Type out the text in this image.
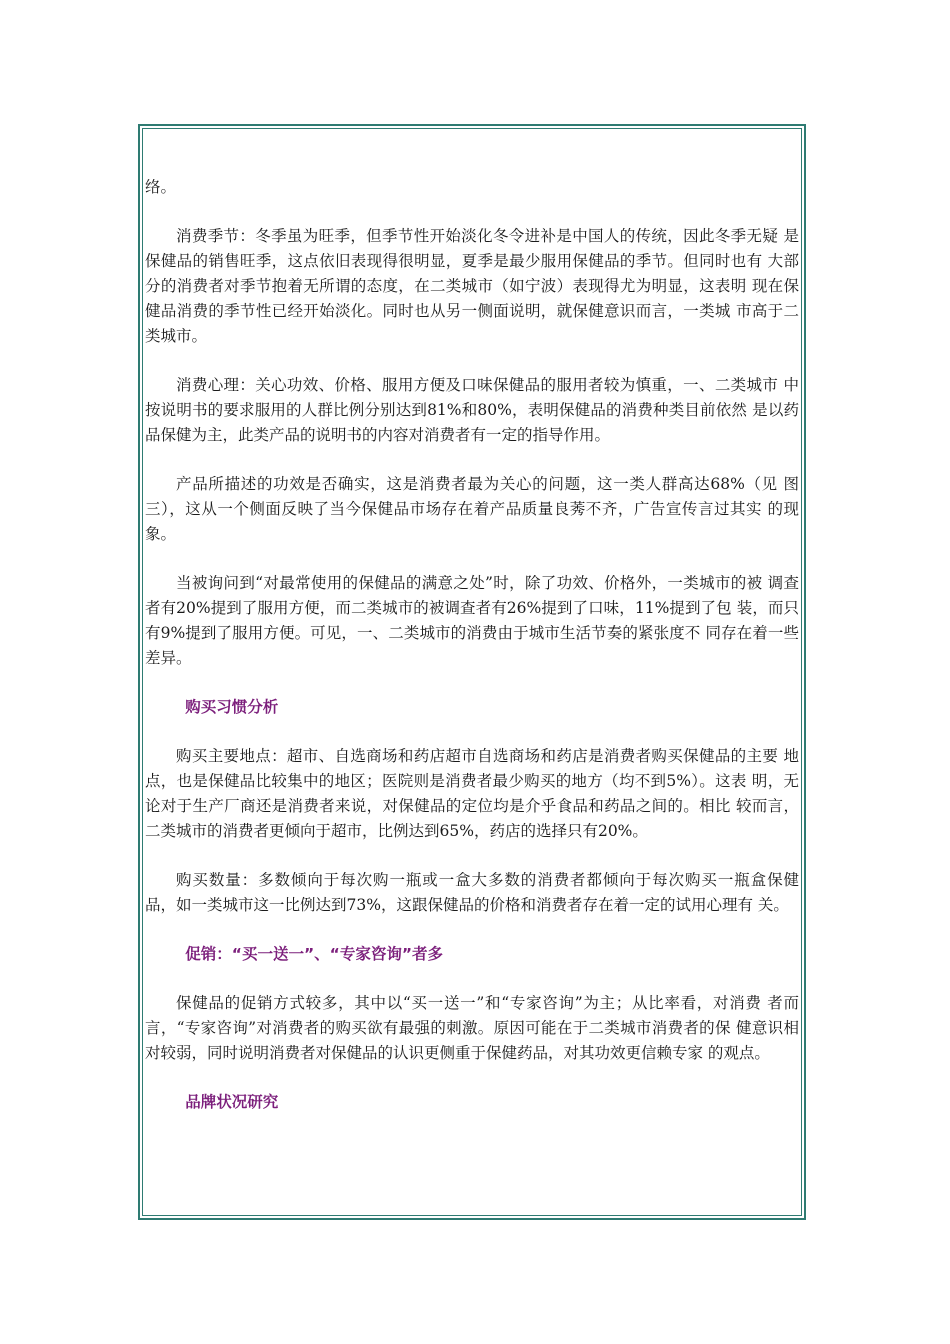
络。

消费季节：冬季虽为旺季，但季节性开始淡化冬令进补是中国人的传统，因此冬季无疑 是保健品的销售旺季，这点依旧表现得很明显，夏季是最少服用保健品的季节。但同时也有 大部分的消费者对季节抱着无所谓的态度，在二类城市（如宁波）表现得尤为明显，这表明 现在保健品消费的季节性已经开始淡化。同时也从另一侧面说明，就保健意识而言，一类城 市高于二类城市。

消费心理：关心功效、价格、服用方便及口味保健品的服用者较为慎重，一、二类城市 中按说明书的要求服用的人群比例分别达到81%和80%，表明保健品的消费种类目前依然 是以药品保健为主，此类产品的说明书的内容对消费者有一定的指导作用。

产品所描述的功效是否确实，这是消费者最为关心的问题，这一类人群高达68%（见 图三），这从一个侧面反映了当今保健品市场存在着产品质量良莠不齐，广告宣传言过其实 的现象。

当被询问到“对最常使用的保健品的满意之处”时，除了功效、价格外，一类城市的被 调查者有20%提到了服用方便，而二类城市的被调查者有26%提到了口味，11%提到了包 装，而只有9%提到了服用方便。可见，一、二类城市的消费由于城市生活节奏的紧张度不 同存在着一些差异。

购买习惯分析

购买主要地点：超市、自选商场和药店超市自选商场和药店是消费者购买保健品的主要 地点，也是保健品比较集中的地区；医院则是消费者最少购买的地方（均不到5%）。这表 明，无论对于生产厂商还是消费者来说，对保健品的定位均是介乎食品和药品之间的。相比 较而言，二类城市的消费者更倾向于超市，比例达到65%，药店的选择只有20%。

购买数量：多数倾向于每次购一瓶或一盒大多数的消费者都倾向于每次购买一瓶盒保健 品，如一类城市这一比例达到73%，这跟保健品的价格和消费者存在着一定的试用心理有 关。

促销：“买一送一”、“专家咨询”者多

保健品的促销方式较多，其中以“买一送一”和“专家咨询”为主；从比率看，对消费 者而言，“专家咨询”对消费者的购买欲有最强的刺激。原因可能在于二类城市消费者的保 健意识相对较弱，同时说明消费者对保健品的认识更侧重于保健药品，对其功效更信赖专家 的观点。

品牌状况研究
